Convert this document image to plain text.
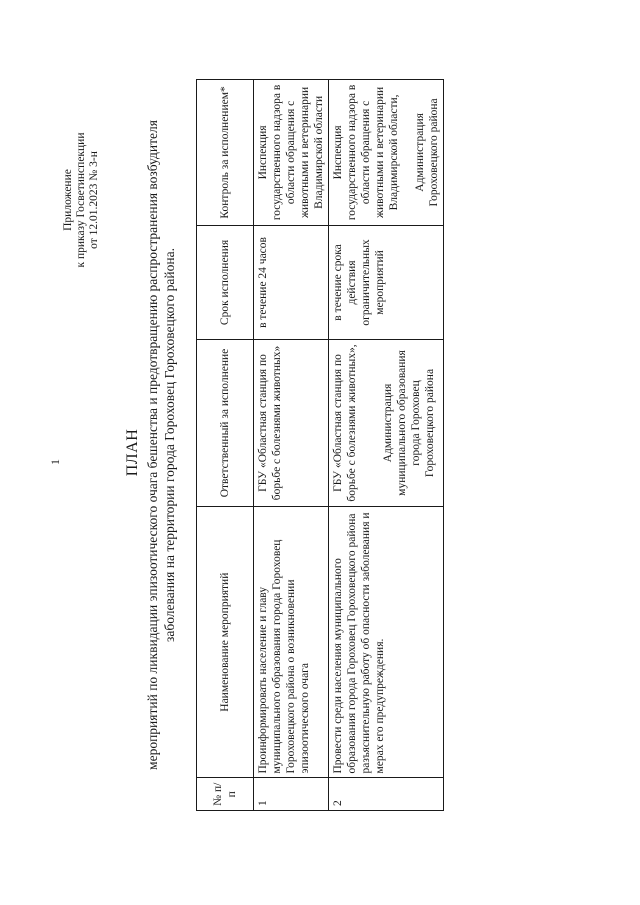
1
Приложение к приказу Госветинспекции от 12.01.2023 № 3-н
ПЛАН мероприятий по ликвидации эпизоотического очага бешенства и предотвращению распространения возбудителя заболевания на территории города Гороховец Гороховецкого района.
№ п/п	Наименование мероприятий	Ответственный за исполнение	Срок исполнения	Контроль за исполнением*
1	Проинформировать население и главу муниципального образования города Гороховец Гороховецкого района о возникновении эпизоотического очага	ГБУ «Областная станция по борьбе с болезнями животных»	в течение 24 часов	Инспекция государственного надзора в области обращения с животными и ветеринарии Владимирской области
2	Провести среди населения муниципального образования города Гороховец Гороховецкого района разъяснительную работу об опасности заболевания и мерах его предупреждения.	ГБУ «Областная станция по борьбе с болезнями животных», Администрация муниципального образования города Гороховец Гороховецкого района	в течение срока действия ограничительных мероприятий	Инспекция государственного надзора в области обращения с животными и ветеринарии Владимирской области, Администрация Гороховецкого района
